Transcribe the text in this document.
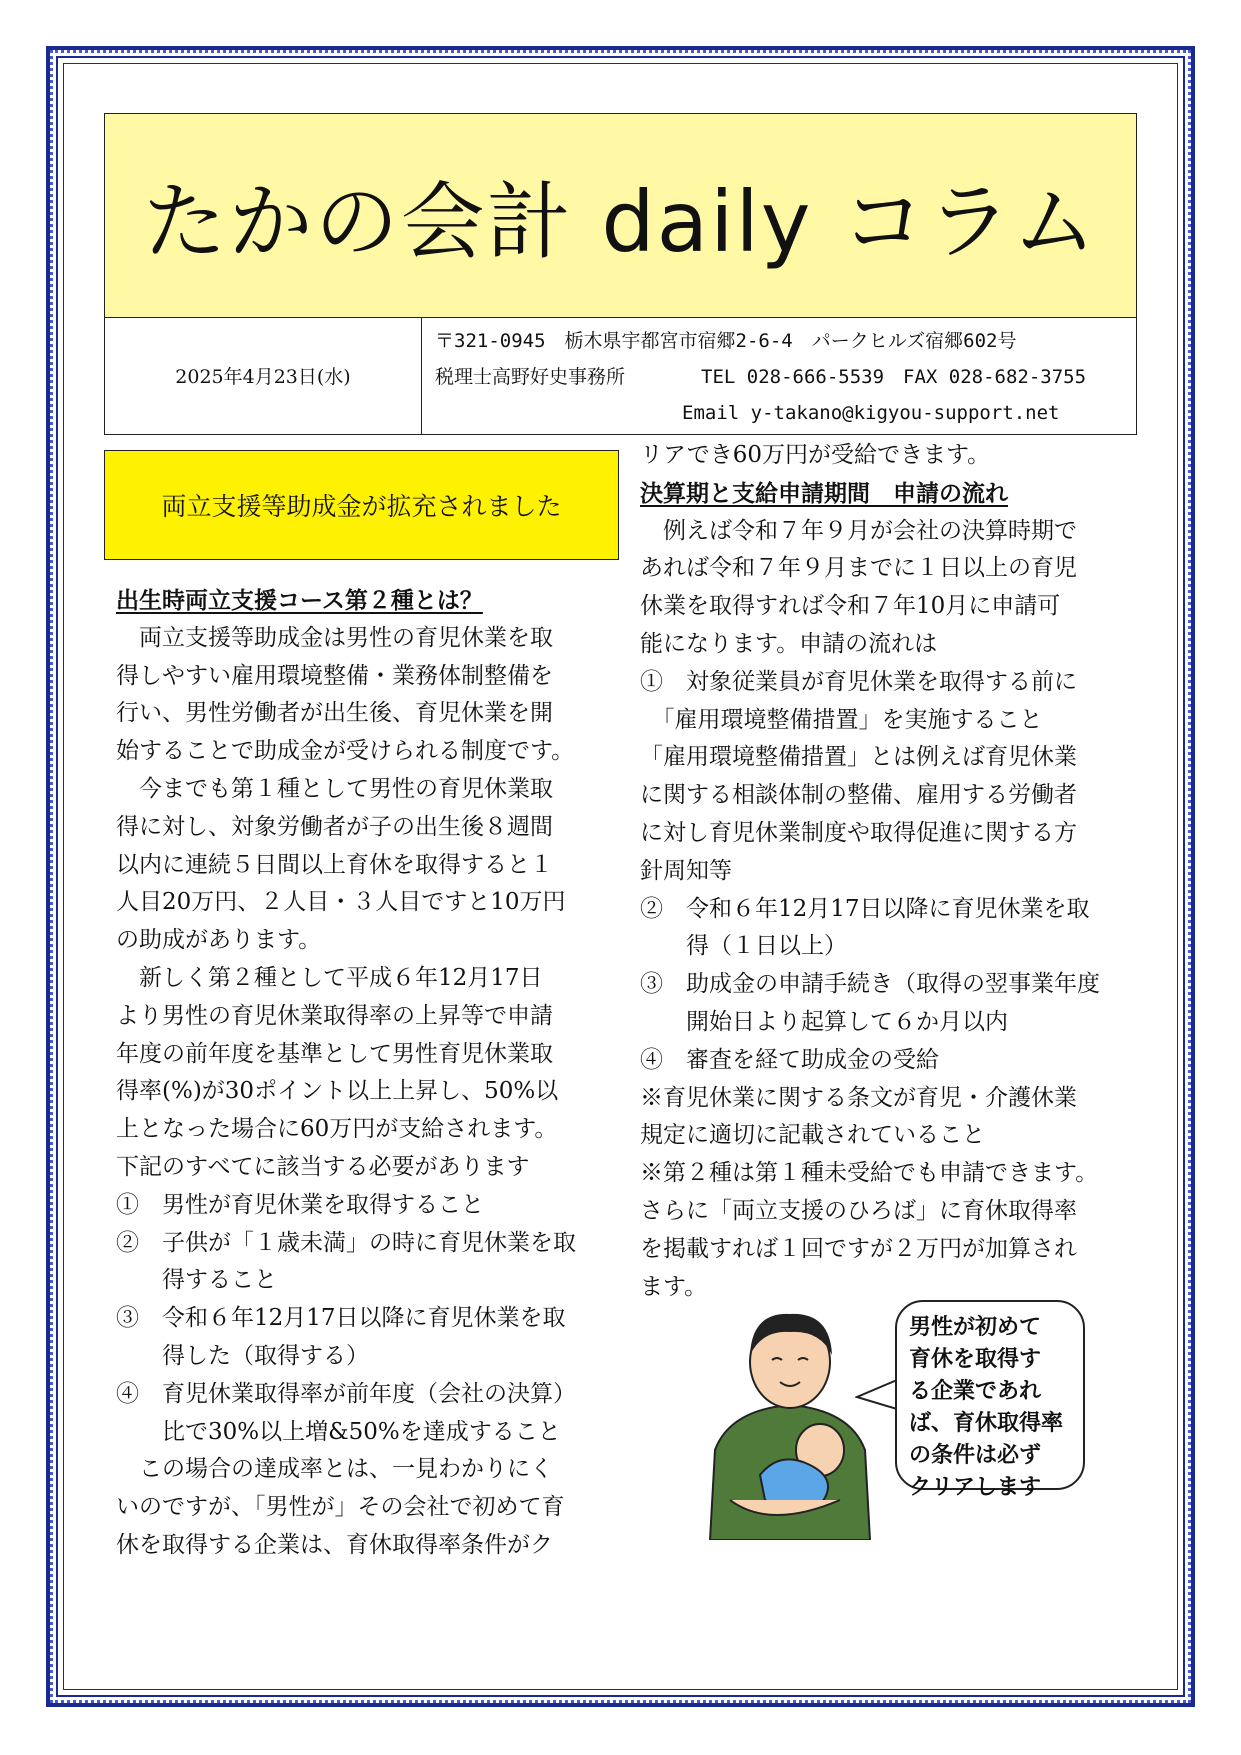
たかの会計 daily コラム
2025年4月23日(水)
〒321-0945　栃木県宇都宮市宿郷2-6-4　パークヒルズ宿郷602号
税理士高野好史事務所　　　　TEL 028-666-5539　FAX 028-682-3755
　　　　　　　　　　　　　Email y-takano@kigyou-support.net
両立支援等助成金が拡充されました

出生時両立支援コース第２種とは？

　両立支援等助成金は男性の育児休業を取

得しやすい雇用環境整備・業務体制整備を

行い、男性労働者が出生後、育児休業を開

始することで助成金が受けられる制度です。

　今までも第１種として男性の育児休業取

得に対し、対象労働者が子の出生後８週間

以内に連続５日間以上育休を取得すると１

人目20万円、２人目・３人目ですと10万円

の助成があります。

　新しく第２種として平成６年12月17日

より男性の育児休業取得率の上昇等で申請

年度の前年度を基準として男性育児休業取

得率(%)が30ポイント以上上昇し、50%以

上となった場合に60万円が支給されます。

下記のすべてに該当する必要があります

①　男性が育児休業を取得すること

②　子供が「１歳未満」の時に育児休業を取

　　得すること

③　令和６年12月17日以降に育児休業を取

　　得した（取得する）

④　育児休業取得率が前年度（会社の決算）

　　比で30%以上増&50%を達成すること

　この場合の達成率とは、一見わかりにく

いのですが、「男性が」その会社で初めて育

休を取得する企業は、育休取得率条件がク

リアでき60万円が受給できます。

決算期と支給申請期間　申請の流れ

　例えば令和７年９月が会社の決算時期で

あれば令和７年９月までに１日以上の育児

休業を取得すれば令和７年10月に申請可

能になります。申請の流れは

①　対象従業員が育児休業を取得する前に

　「雇用環境整備措置」を実施すること

「雇用環境整備措置」とは例えば育児休業

に関する相談体制の整備、雇用する労働者

に対し育児休業制度や取得促進に関する方

針周知等

②　令和６年12月17日以降に育児休業を取

　　得（１日以上）

③　助成金の申請手続き（取得の翌事業年度

　　開始日より起算して６か月以内

④　審査を経て助成金の受給

※育児休業に関する条文が育児・介護休業

規定に適切に記載されていること

※第２種は第１種未受給でも申請できます。

さらに「両立支援のひろば」に育休取得率

を掲載すれば１回ですが２万円が加算され

ます。

男性が初めて

育休を取得す

る企業であれ

ば、育休取得率

の条件は必ず

クリアします
